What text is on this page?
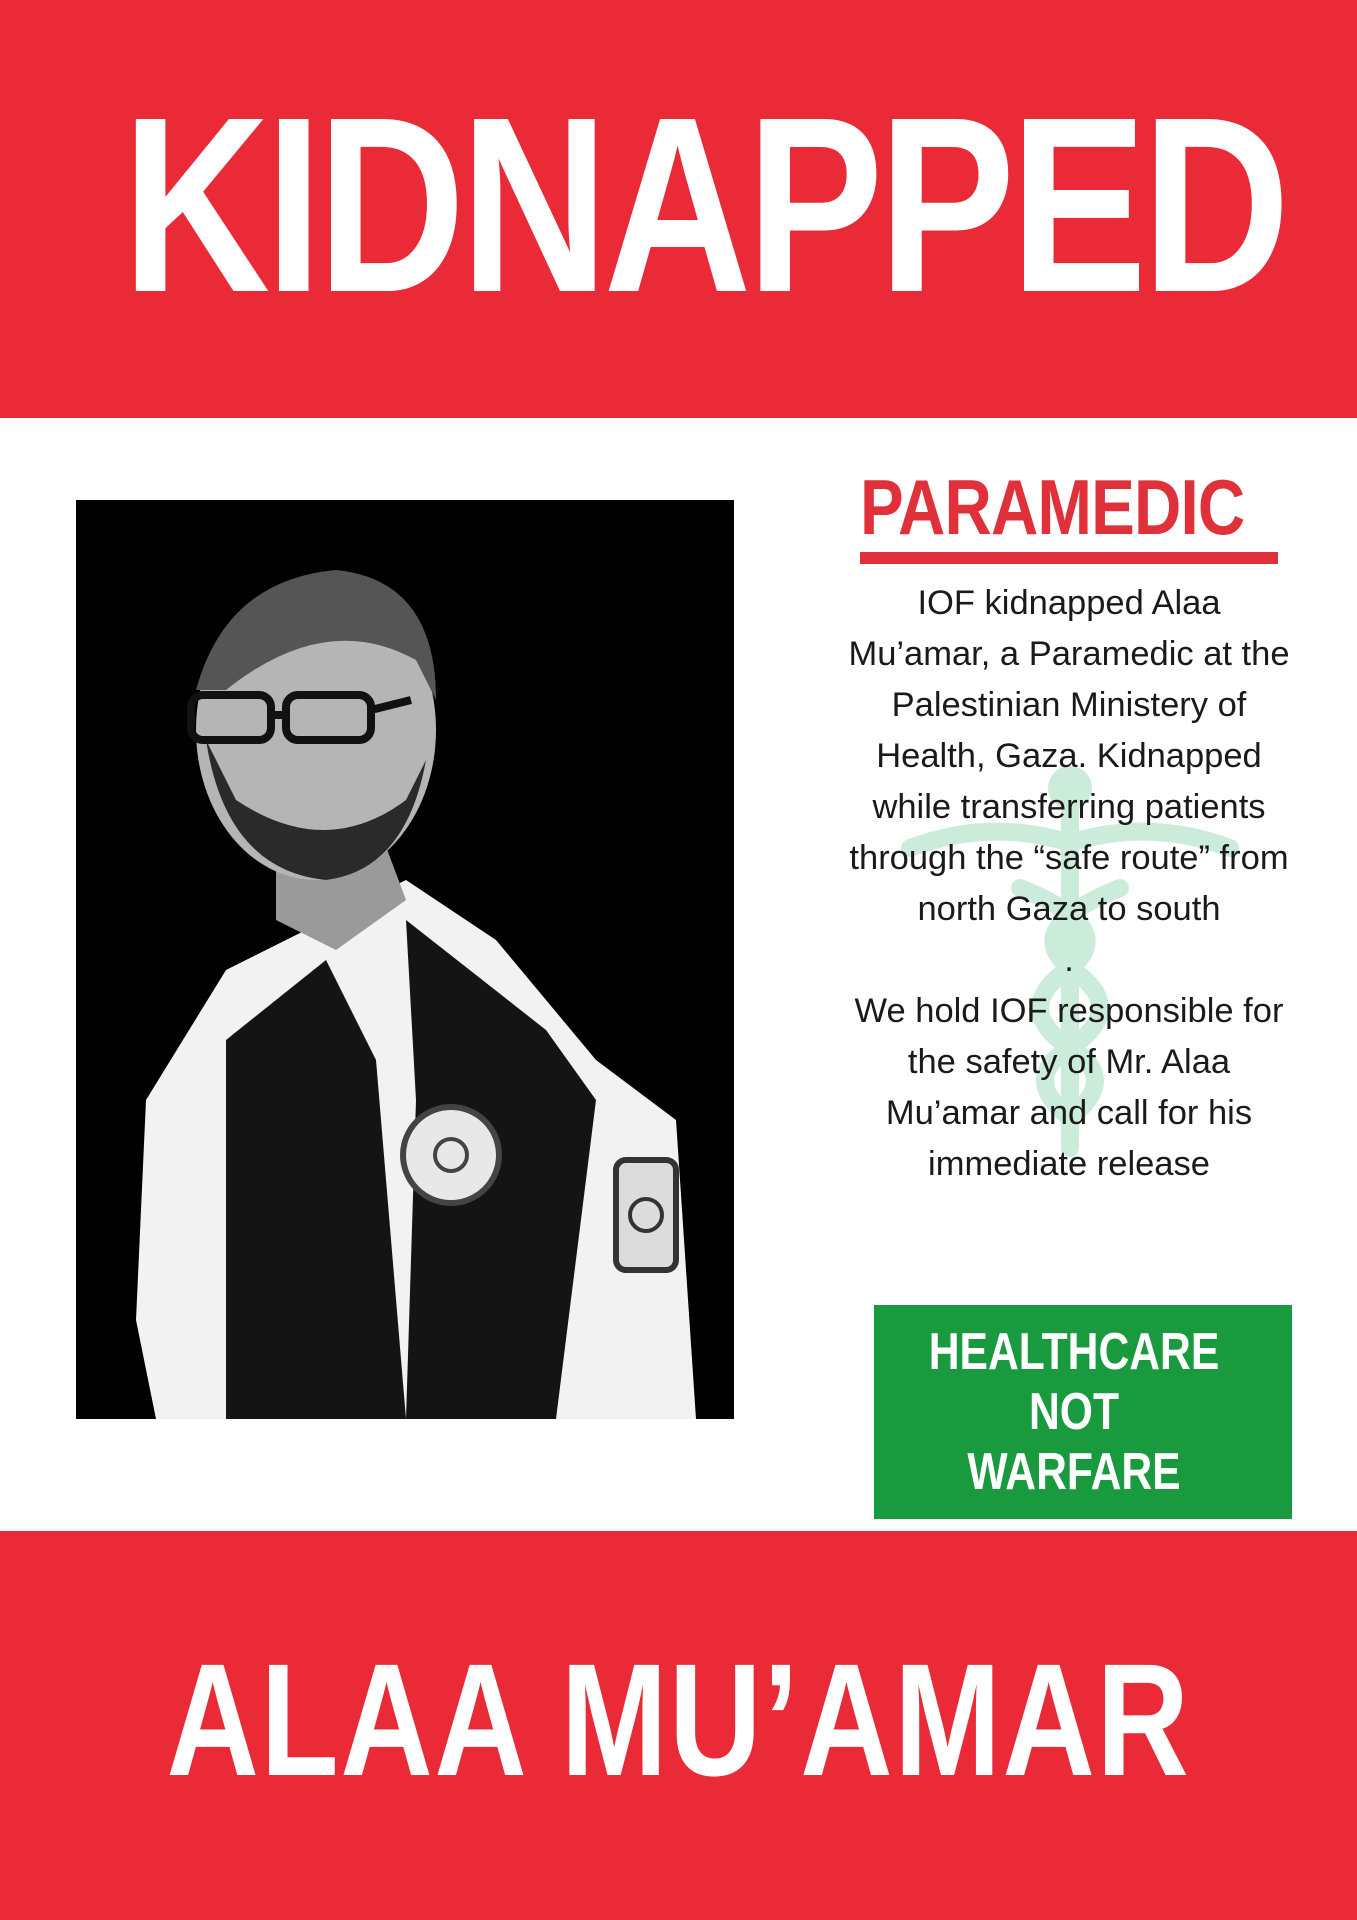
KIDNAPPED
PARAMEDIC

IOF kidnapped Alaa Mu’amar, a Paramedic at the Palestinian Ministery of Health, Gaza. Kidnapped while transferring patients through the “safe route” from north Gaza to south

.

We hold IOF responsible for the safety of Mr. Alaa Mu’amar and call for his immediate release

HEALTHCARE
NOT
WARFARE
ALAA MU’AMAR
